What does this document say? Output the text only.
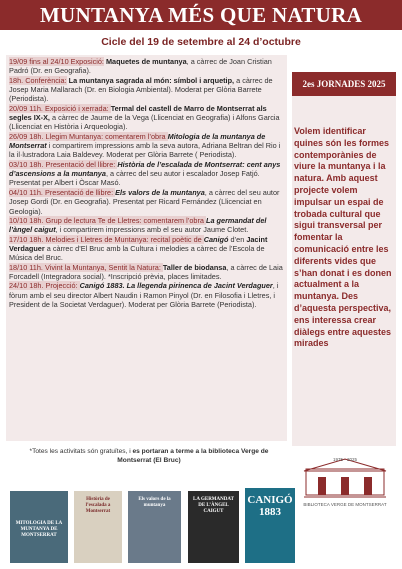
MUNTANYA MÉS QUE NATURA
Cicle del 19 de setembre al 24 d’octubre
19/09 fins al 24/10 Exposició: Maquetes de muntanya, a càrrec de Joan Cristian Padró (Dr. en Geografia).
18h. Conferència: La muntanya sagrada al món: símbol i arquetip, a càrrec de Josep Maria Mallarach (Dr. en Biologia Ambiental). Moderat per Glòria Barrete (Periodista).
20/09 11h. Exposició i xerrada: Termal del castell de Marro de Montserrat als segles IX-X, a càrrec de Jaume de la Vega (Llicenciat en Geografia) i Alfons Garcia (Llicenciat en Història i Arqueologia).
26/09 18h. Llegim Muntanya: comentarem l’obra Mitologia de la muntanya de Montserrat i compartirem impressions amb la seva autora, Adriana Beltran del Rio i la il·lustradora Laia Baldevey. Moderat per Glòria Barrete ( Periodista).
03/10 18h. Presentació del llibre: Història de l’escalada de Montserrat: cent anys d’ascensions a la muntanya, a càrrec del seu autor i escalador Josep Fatjó. Presentat per Albert i Òscar Masó.
04/10 11h. Presentació de llibre: Els valors de la muntanya, a càrrec del seu autor Josep Gordi (Dr. en Geografia). Presentat per Ricard Fernández (Llicenciat en Geologia).
10/10 18h. Grup de lectura Te de Lletres: comentarem l’obra La germandat del l’àngel caigut, i compartirem impressions amb el seu autor Jaume Clotet.
17/10 18h. Melodies i Lletres de Muntanya: recital poètic de Canigó d’en Jacint Verdaguer a càrrec d’El Bruc amb la Cultura i melodies a càrrec de l’Escola de Música del Bruc.
18/10 11h. Vivint la Muntanya, Sentit la Natura: Taller de biodansa, a càrrec de Laia Forcadell (Integradora social). *Inscripció prèvia, places limitades.
24/10 18h. Projecció: Canigó 1883. La llegenda pirinenca de Jacint Verdaguer, i fòrum amb el seu director Albert Naudin i Ramon Pinyol (Dr. en Filosofia i Lletres, i President de la Societat Verdaguer). Moderat per Glòria Barrete (Periodista).
*Totes les activitats són gratuïtes, i es portaran a terme a la biblioteca Verge de Montserrat (El Bruc)
2es JORNADES 2025
Volem identificar quines són les formes contemporànies de viure la muntanya i la natura. Amb aquest projecte volem impulsar un espai de trobada cultural que sigui transversal per fomentar la comunicació entre les diferents vides que s’han donat i es donen actualment a la muntanya. Des d’aquesta perspectiva, ens interessa crear diàlegs entre aquestes mirades
1975 - 2025
BIBLIOTECA VERGE DE MONTSERRAT
MITOLOGIA DE LA MUNTANYA DE MONTSERRAT
Història de l’escalada a Montserrat
Els valors de la muntanya
LA GERMANDAT DE L’ÀNGEL CAIGUT
CANIGÓ 1883
